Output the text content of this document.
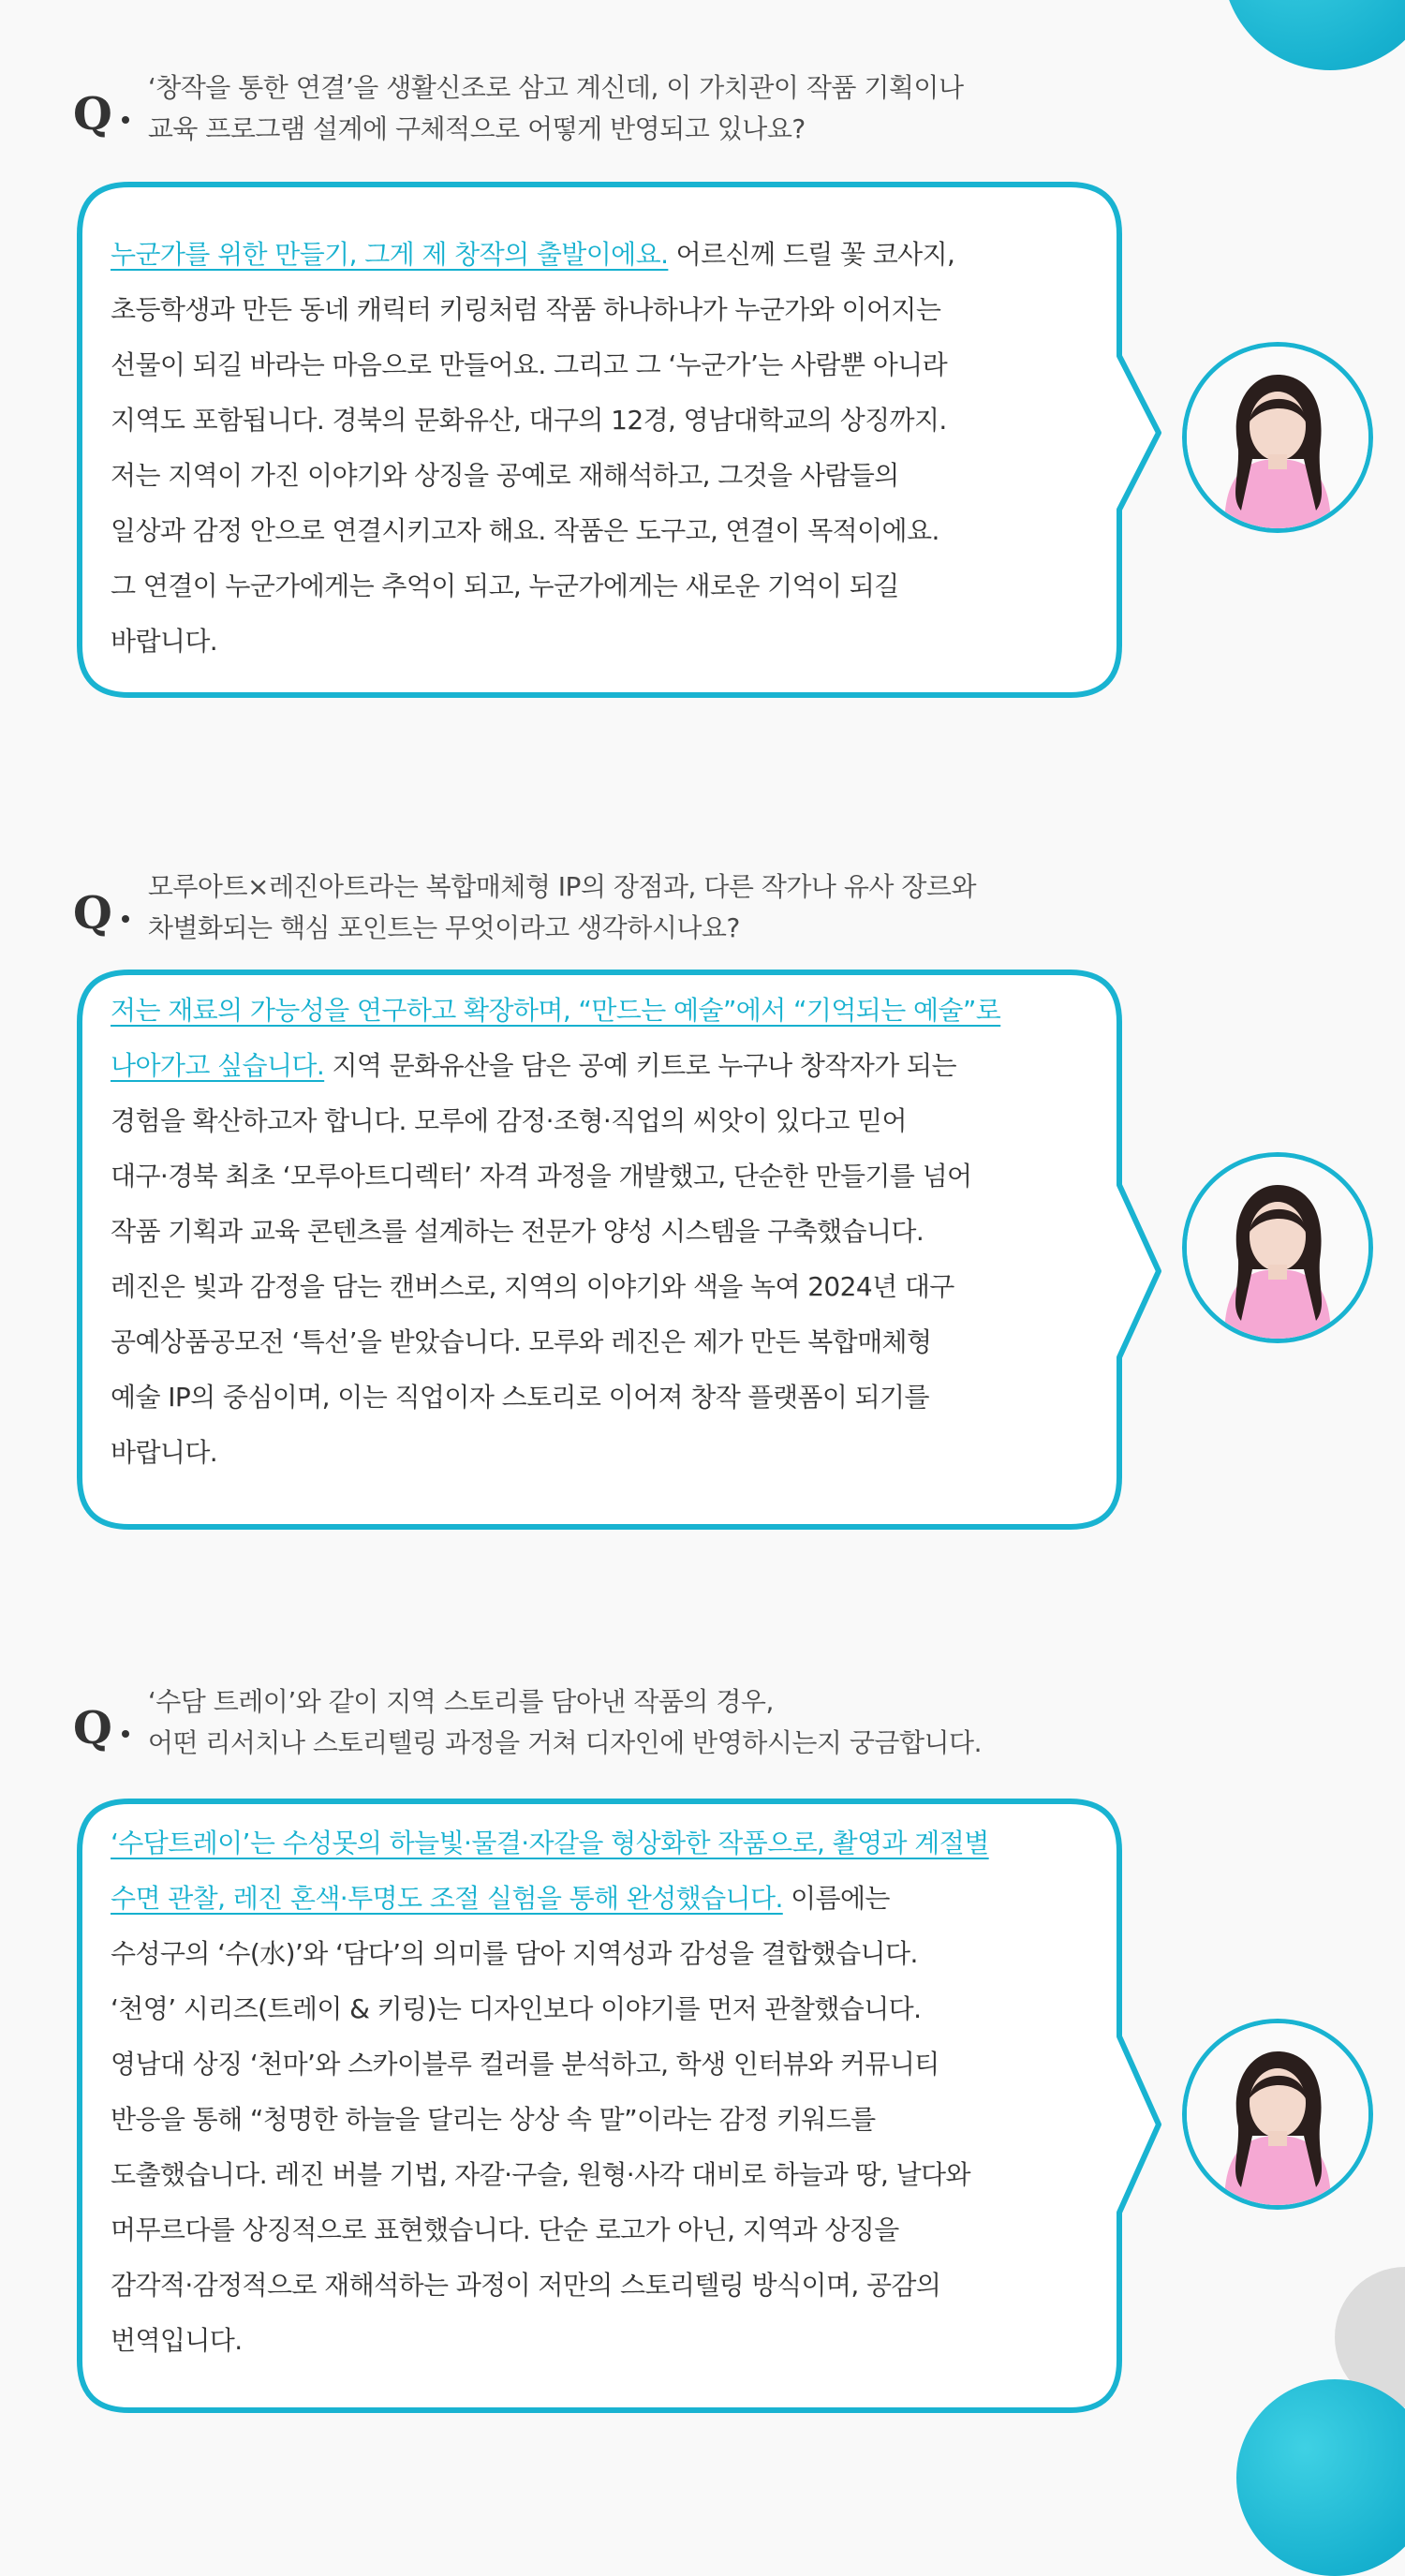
Q
‘창작을 통한 연결’을 생활신조로 삼고 계신데, 이 가치관이 작품 기획이나
교육 프로그램 설계에 구체적으로 어떻게 반영되고 있나요?
누군가를 위한 만들기, 그게 제 창작의 출발이에요. 어르신께 드릴 꽃 코사지,
초등학생과 만든 동네 캐릭터 키링처럼 작품 하나하나가 누군가와 이어지는
선물이 되길 바라는 마음으로 만들어요. 그리고 그 ‘누군가’는 사람뿐 아니라
지역도 포함됩니다. 경북의 문화유산, 대구의 12경, 영남대학교의 상징까지.
저는 지역이 가진 이야기와 상징을 공예로 재해석하고, 그것을 사람들의
일상과 감정 안으로 연결시키고자 해요. 작품은 도구고, 연결이 목적이에요.
그 연결이 누군가에게는 추억이 되고, 누군가에게는 새로운 기억이 되길
바랍니다.
Q
모루아트×레진아트라는 복합매체형 IP의 장점과, 다른 작가나 유사 장르와
차별화되는 핵심 포인트는 무엇이라고 생각하시나요?
저는 재료의 가능성을 연구하고 확장하며, “만드는 예술”에서 “기억되는 예술”로
나아가고 싶습니다. 지역 문화유산을 담은 공예 키트로 누구나 창작자가 되는
경험을 확산하고자 합니다. 모루에 감정·조형·직업의 씨앗이 있다고 믿어
대구·경북 최초 ‘모루아트디렉터’ 자격 과정을 개발했고, 단순한 만들기를 넘어
작품 기획과 교육 콘텐츠를 설계하는 전문가 양성 시스템을 구축했습니다.
레진은 빛과 감정을 담는 캔버스로, 지역의 이야기와 색을 녹여 2024년 대구
공예상품공모전 ‘특선’을 받았습니다. 모루와 레진은 제가 만든 복합매체형
예술 IP의 중심이며, 이는 직업이자 스토리로 이어져 창작 플랫폼이 되기를
바랍니다.
Q
‘수담 트레이’와 같이 지역 스토리를 담아낸 작품의 경우,
어떤 리서치나 스토리텔링 과정을 거쳐 디자인에 반영하시는지 궁금합니다.
‘수담트레이’는 수성못의 하늘빛·물결·자갈을 형상화한 작품으로, 촬영과 계절별
수면 관찰, 레진 혼색·투명도 조절 실험을 통해 완성했습니다. 이름에는
수성구의 ‘수(水)’와 ‘담다’의 의미를 담아 지역성과 감성을 결합했습니다.
‘천영’ 시리즈(트레이 & 키링)는 디자인보다 이야기를 먼저 관찰했습니다.
영남대 상징 ‘천마’와 스카이블루 컬러를 분석하고, 학생 인터뷰와 커뮤니티
반응을 통해 “청명한 하늘을 달리는 상상 속 말”이라는 감정 키워드를
도출했습니다. 레진 버블 기법, 자갈·구슬, 원형·사각 대비로 하늘과 땅, 날다와
머무르다를 상징적으로 표현했습니다. 단순 로고가 아닌, 지역과 상징을
감각적·감정적으로 재해석하는 과정이 저만의 스토리텔링 방식이며, 공감의
번역입니다.
